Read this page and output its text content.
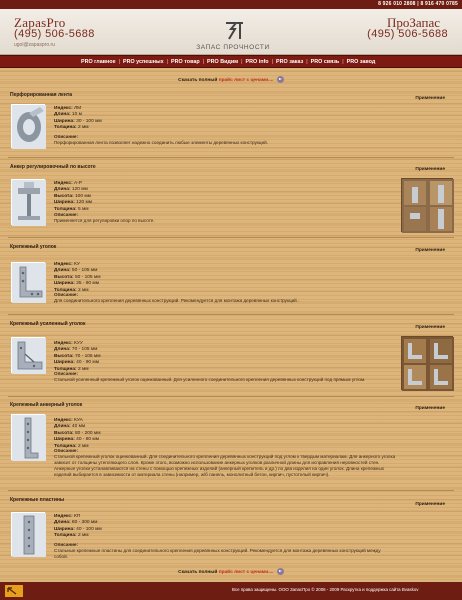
8 926 010 2808 | 8 916 470 0785
ZapasPro
(495) 506-5688
ugol@zapaspro.ru	ЗАПАС ПРОЧНОСТИ
ПроЗапас
(495) 506-5688
PRO главное | PRO успешных | PRO товар | PRO Видим | PRO info | PRO заказ | PRO связь | PRO завод
Скачать полный прайс лист с ценами....
Перфорированная лента
Применение
Индекс: ЛМ
Длина: 10 м
Ширина: 30 - 100 мм
Толщина: 2 мм
Описание:
Перфорированная лента позволяет надежно соединить любые элементы деревянных конструкций.
Анкер регулировочный по высоте	Применение
Индекс: А-Р
Длина: 120 мм
Высота: 100 мм
Ширина: 120 мм
Толщина: 5 мм
Описание:
Применяется для регулировки опор по высоте.
Крепежный уголок
Применение
Индекс: КУ
Длина: 50 - 105 мм
Высота: 50 - 105 мм
Ширина: 35 - 90 мм
Толщина: 2 мм
Описание:
Для соединительного крепления деревянных конструкций. Рекомендуется для монтажа деревянных конструкций .
Крепежный усиленный уголок
Применение
Индекс: КУУ
Длина: 70 - 105 мм
Высота: 70 - 105 мм
Ширина: 40 - 90 мм
Толщина: 2 мм
Описание:
Стальной усиленный крепежный уголок оцинкованный. Для усиленного соединительного крепления деревянных конструкций под прямым углом.
Крепежный анкерный уголок
Применение
Индекс: КУА
Длина: 40 мм
Высота: 80 - 200 мм
Ширина: 40 - 80 мм
Толщина: 2 мм
Описание:
Стальной крепежный уголок оцинкованный. Для соединительного крепления деревянных конструкций под углом к твердым материалам. Для анкерного уголка зависит от толщины утепляющего слоя. Кроме этого, возможно использование анкерных уголков различной длины для исправления неровностей стен. Анкерные уголки устанавливаются на стены с помощью крепежных изделий (анкерный крепитель и др.) по два изделия на один уголок. Длина крепежных изделий выбирается в зависимости от материала стены (например, ж/б панель, монолитный бетон, кирпич, пустотелый кирпич).
Крепежные пластины
Применение
Индекс: КП
Длина: 80 - 300 мм
Ширина: 40 - 100 мм
Толщина: 2 мм
Описание:
Стальные крепежные пластины для соединительного крепления деревянных конструкций. Рекомендуется для монтажа деревянных конструкций между собой.
Скачать полный прайс лист с ценами....
Все права защищены. ООО ЗапасПро © 2006 - 2009 Раскрутка и поддержка сайта Bvaskov
